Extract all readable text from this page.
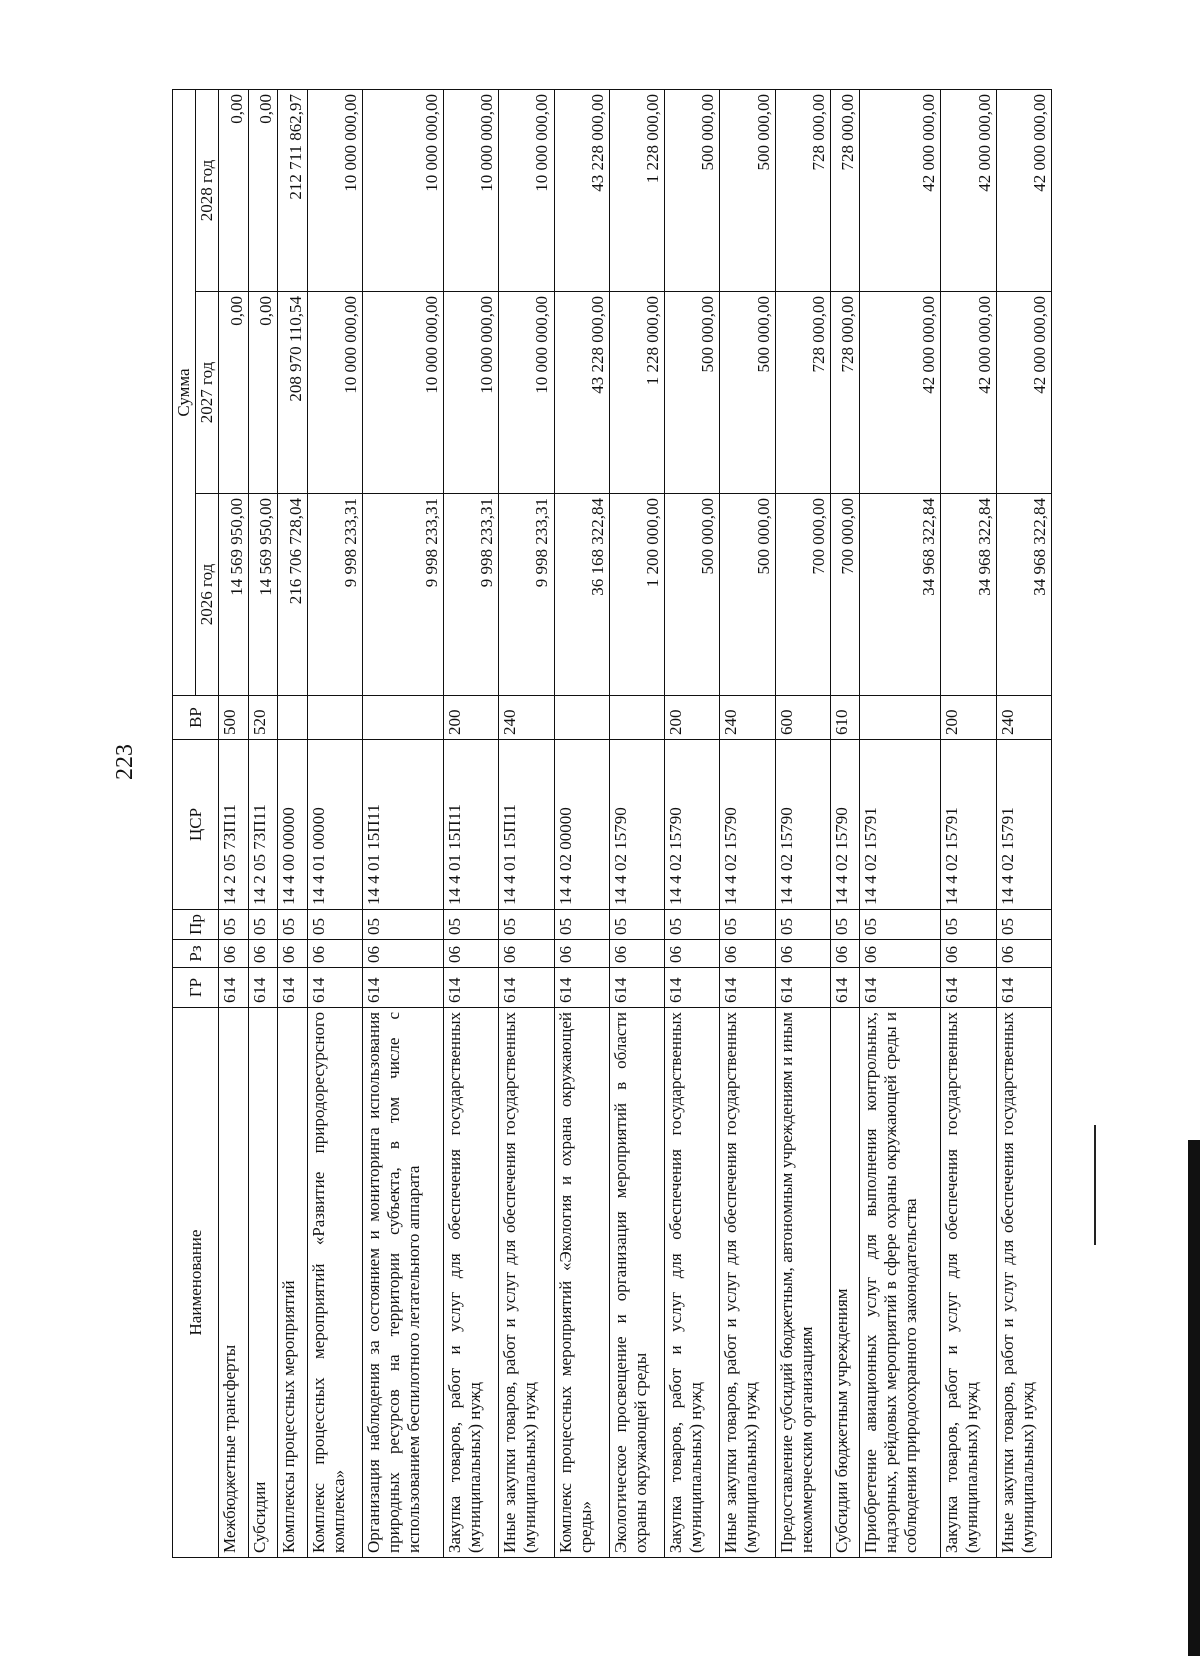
223
Наименование	ГР	Рз	Пр	ЦСР	ВР	Сумма		
						2026 год	2027 год	2028 год
Межбюджетные трансферты	614	06	05	14 2 05 73П11	500	14 569 950,00	0,00	0,00
Субсидии	614	06	05	14 2 05 73П11	520	14 569 950,00	0,00	0,00
Комплексы процессных мероприятий	614	06	05	14 4 00 00000		216 706 728,04	208 970 110,54	212 711 862,97
Комплекс процессных мероприятий «Развитие природоресурсного комплекса»	614	06	05	14 4 01 00000		9 998 233,31	10 000 000,00	10 000 000,00
Организация наблюдения за состоянием и мониторинга использования природных ресурсов на территории субъекта, в том числе с использованием беспилотного летательного аппарата	614	06	05	14 4 01 15П11		9 998 233,31	10 000 000,00	10 000 000,00
Закупка товаров, работ и услуг для обеспечения государственных (муниципальных) нужд	614	06	05	14 4 01 15П11	200	9 998 233,31	10 000 000,00	10 000 000,00
Иные закупки товаров, работ и услуг для обеспечения государственных (муниципальных) нужд	614	06	05	14 4 01 15П11	240	9 998 233,31	10 000 000,00	10 000 000,00
Комплекс процессных мероприятий «Экология и охрана окружающей среды»	614	06	05	14 4 02 00000		36 168 322,84	43 228 000,00	43 228 000,00
Экологическое просвещение и организация мероприятий в области охраны окружающей среды	614	06	05	14 4 02 15790		1 200 000,00	1 228 000,00	1 228 000,00
Закупка товаров, работ и услуг для обеспечения государственных (муниципальных) нужд	614	06	05	14 4 02 15790	200	500 000,00	500 000,00	500 000,00
Иные закупки товаров, работ и услуг для обеспечения государственных (муниципальных) нужд	614	06	05	14 4 02 15790	240	500 000,00	500 000,00	500 000,00
Предоставление субсидий бюджетным, автономным учреждениям и иным некоммерческим организациям	614	06	05	14 4 02 15790	600	700 000,00	728 000,00	728 000,00
Субсидии бюджетным учреждениям	614	06	05	14 4 02 15790	610	700 000,00	728 000,00	728 000,00
Приобретение авиационных услуг для выполнения контрольных, надзорных, рейдовых мероприятий в сфере охраны окружающей среды и соблюдения природоохранного законодательства	614	06	05	14 4 02 15791		34 968 322,84	42 000 000,00	42 000 000,00
Закупка товаров, работ и услуг для обеспечения государственных (муниципальных) нужд	614	06	05	14 4 02 15791	200	34 968 322,84	42 000 000,00	42 000 000,00
Иные закупки товаров, работ и услуг для обеспечения государственных (муниципальных) нужд	614	06	05	14 4 02 15791	240	34 968 322,84	42 000 000,00	42 000 000,00
